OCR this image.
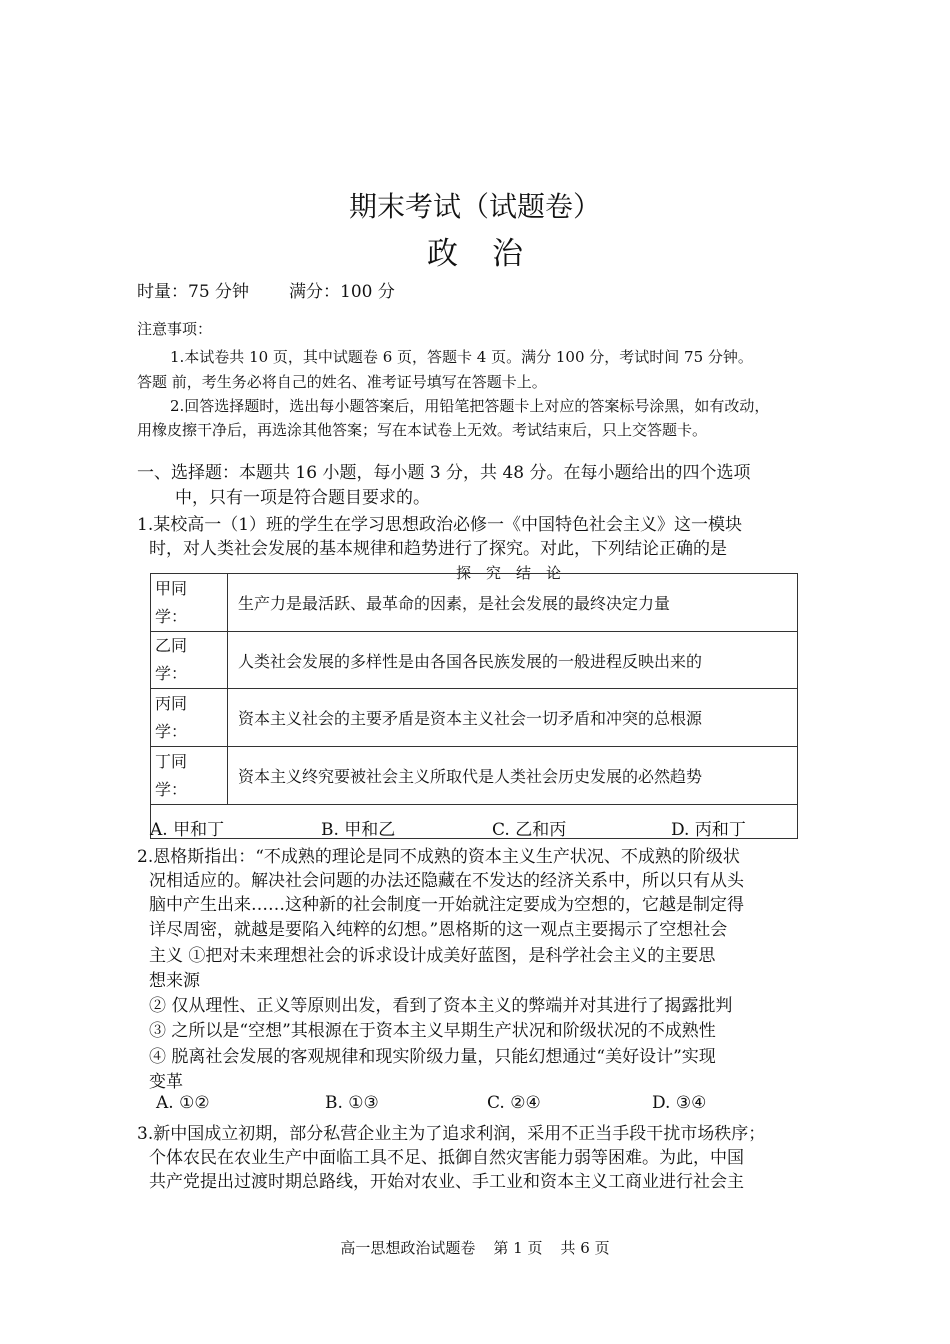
期末考试（试题卷）
政治
时量：75 分钟 满分：100 分
注意事项：
1.本试卷共 10 页，其中试题卷 6 页，答题卡 4 页。满分 100 分，考试时间 75 分钟。
答题 前，考生务必将自己的姓名、准考证号填写在答题卡上。
2.回答选择题时，选出每小题答案后，用铅笔把答题卡上对应的答案标号涂黑，如有改动，
用橡皮擦干净后，再选涂其他答案；写在本试卷上无效。考试结束后，只上交答题卡。
一、选择题：本题共 16 小题，每小题 3 分，共 48 分。在每小题给出的四个选项
中，只有一项是符合题目要求的。
1.某校高一（1）班的学生在学习思想政治必修一《中国特色社会主义》这一模块
时，对人类社会发展的基本规律和趋势进行了探究。对此，下列结论正确的是
探　究　结　论
甲同
学：	生产力是最活跃、最革命的因素，是社会发展的最终决定力量
乙同
学：	人类社会发展的多样性是由各国各民族发展的一般进程反映出来的
丙同
学：	资本主义社会的主要矛盾是资本主义社会一切矛盾和冲突的总根源
丁同
学：	资本主义终究要被社会主义所取代是人类社会历史发展的必然趋势

A. 甲和丁	B. 甲和乙	C. 乙和丙	D. 丙和丁
2.恩格斯指出：“不成熟的理论是同不成熟的资本主义生产状况、不成熟的阶级状
况相适应的。解决社会问题的办法还隐藏在不发达的经济关系中，所以只有从头
脑中产生出来……这种新的社会制度一开始就注定要成为空想的，它越是制定得
详尽周密，就越是要陷入纯粹的幻想。”恩格斯的这一观点主要揭示了空想社会
主义 ①把对未来理想社会的诉求设计成美好蓝图，是科学社会主义的主要思
想来源
② 仅从理性、正义等原则出发，看到了资本主义的弊端并对其进行了揭露批判
③ 之所以是“空想”其根源在于资本主义早期生产状况和阶级状况的不成熟性
④ 脱离社会发展的客观规律和现实阶级力量，只能幻想通过“美好设计”实现
变革
A. ①②	B. ①③	C. ②④	D. ③④
3.新中国成立初期，部分私营企业主为了追求利润，采用不正当手段干扰市场秩序；
个体农民在农业生产中面临工具不足、抵御自然灾害能力弱等困难。为此，中国
共产党提出过渡时期总路线，开始对农业、手工业和资本主义工商业进行社会主
高一思想政治试题卷 第 1 页 共 6 页
